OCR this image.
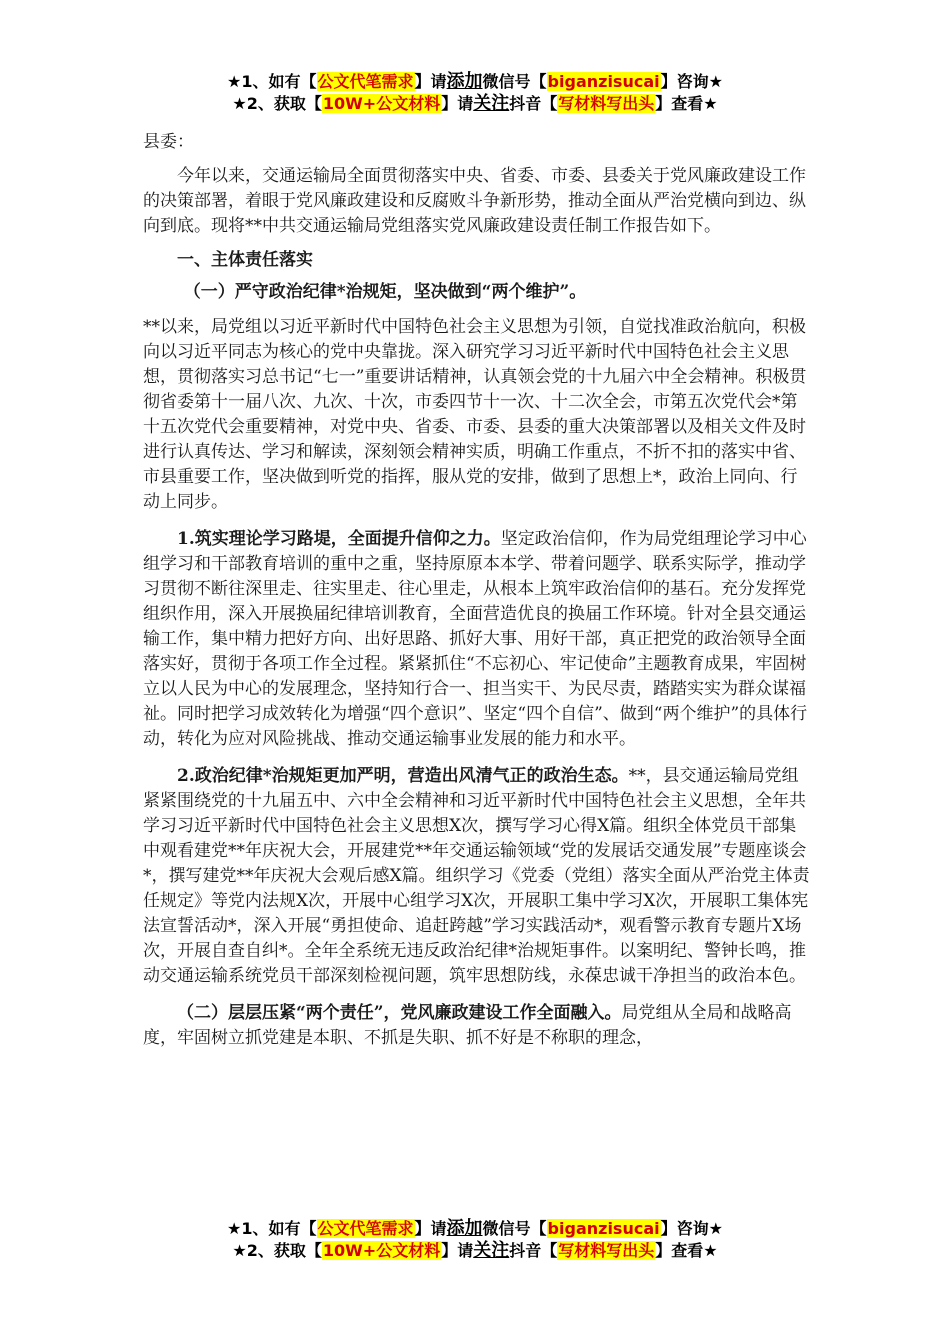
★1、如有【公文代笔需求】请添加微信号【biganzisucai】咨询★
★2、获取【10W+公文材料】请关注抖音【写材料写出头】查看★

县委：

今年以来，交通运输局全面贯彻落实中央、省委、市委、县委关于党风廉政建设工作的决策部署，着眼于党风廉政建设和反腐败斗争新形势，推动全面从严治党横向到边、纵向到底。现将**中共交通运输局党组落实党风廉政建设责任制工作报告如下。

一、主体责任落实

（一）严守政治纪律*治规矩，坚决做到“两个维护”。

**以来，局党组以习近平新时代中国特色社会主义思想为引领，自觉找准政治航向，积极向以习近平同志为核心的党中央靠拢。深入研究学习习近平新时代中国特色社会主义思想，贯彻落实习总书记“七一”重要讲话精神，认真领会党的十九届六中全会精神。积极贯彻省委第十一届八次、九次、十次，市委四节十一次、十二次全会，市第五次党代会*第十五次党代会重要精神，对党中央、省委、市委、县委的重大决策部署以及相关文件及时进行认真传达、学习和解读，深刻领会精神实质，明确工作重点，不折不扣的落实中省、市县重要工作，坚决做到听党的指挥，服从党的安排，做到了思想上*，政治上同向、行动上同步。

1.筑实理论学习路堤，全面提升信仰之力。坚定政治信仰，作为局党组理论学习中心组学习和干部教育培训的重中之重，坚持原原本本学、带着问题学、联系实际学，推动学习贯彻不断往深里走、往实里走、往心里走，从根本上筑牢政治信仰的基石。充分发挥党组织作用，深入开展换届纪律培训教育，全面营造优良的换届工作环境。针对全县交通运输工作，集中精力把好方向、出好思路、抓好大事、用好干部，真正把党的政治领导全面落实好，贯彻于各项工作全过程。紧紧抓住“不忘初心、牢记使命”主题教育成果，牢固树立以人民为中心的发展理念，坚持知行合一、担当实干、为民尽责，踏踏实实为群众谋福祉。同时把学习成效转化为增强“四个意识”、坚定“四个自信”、做到“两个维护”的具体行动，转化为应对风险挑战、推动交通运输事业发展的能力和水平。

2.政治纪律*治规矩更加严明，营造出风清气正的政治生态。**，县交通运输局党组紧紧围绕党的十九届五中、六中全会精神和习近平新时代中国特色社会主义思想，全年共学习习近平新时代中国特色社会主义思想X次，撰写学习心得X篇。组织全体党员干部集中观看建党**年庆祝大会，开展建党**年交通运输领域“党的发展话交通发展”专题座谈会*，撰写建党**年庆祝大会观后感X篇。组织学习《党委（党组）落实全面从严治党主体责任规定》等党内法规X次，开展中心组学习X次，开展职工集中学习X次，开展职工集体宪法宣誓活动*，深入开展“勇担使命、追赶跨越”学习实践活动*，观看警示教育专题片X场次，开展自查自纠*。全年全系统无违反政治纪律*治规矩事件。以案明纪、警钟长鸣，推动交通运输系统党员干部深刻检视问题，筑牢思想防线，永葆忠诚干净担当的政治本色。

（二）层层压紧“两个责任”，党风廉政建设工作全面融入。局党组从全局和战略高度，牢固树立抓党建是本职、不抓是失职、抓不好是不称职的理念，

★1、如有【公文代笔需求】请添加微信号【biganzisucai】咨询★
★2、获取【10W+公文材料】请关注抖音【写材料写出头】查看★
